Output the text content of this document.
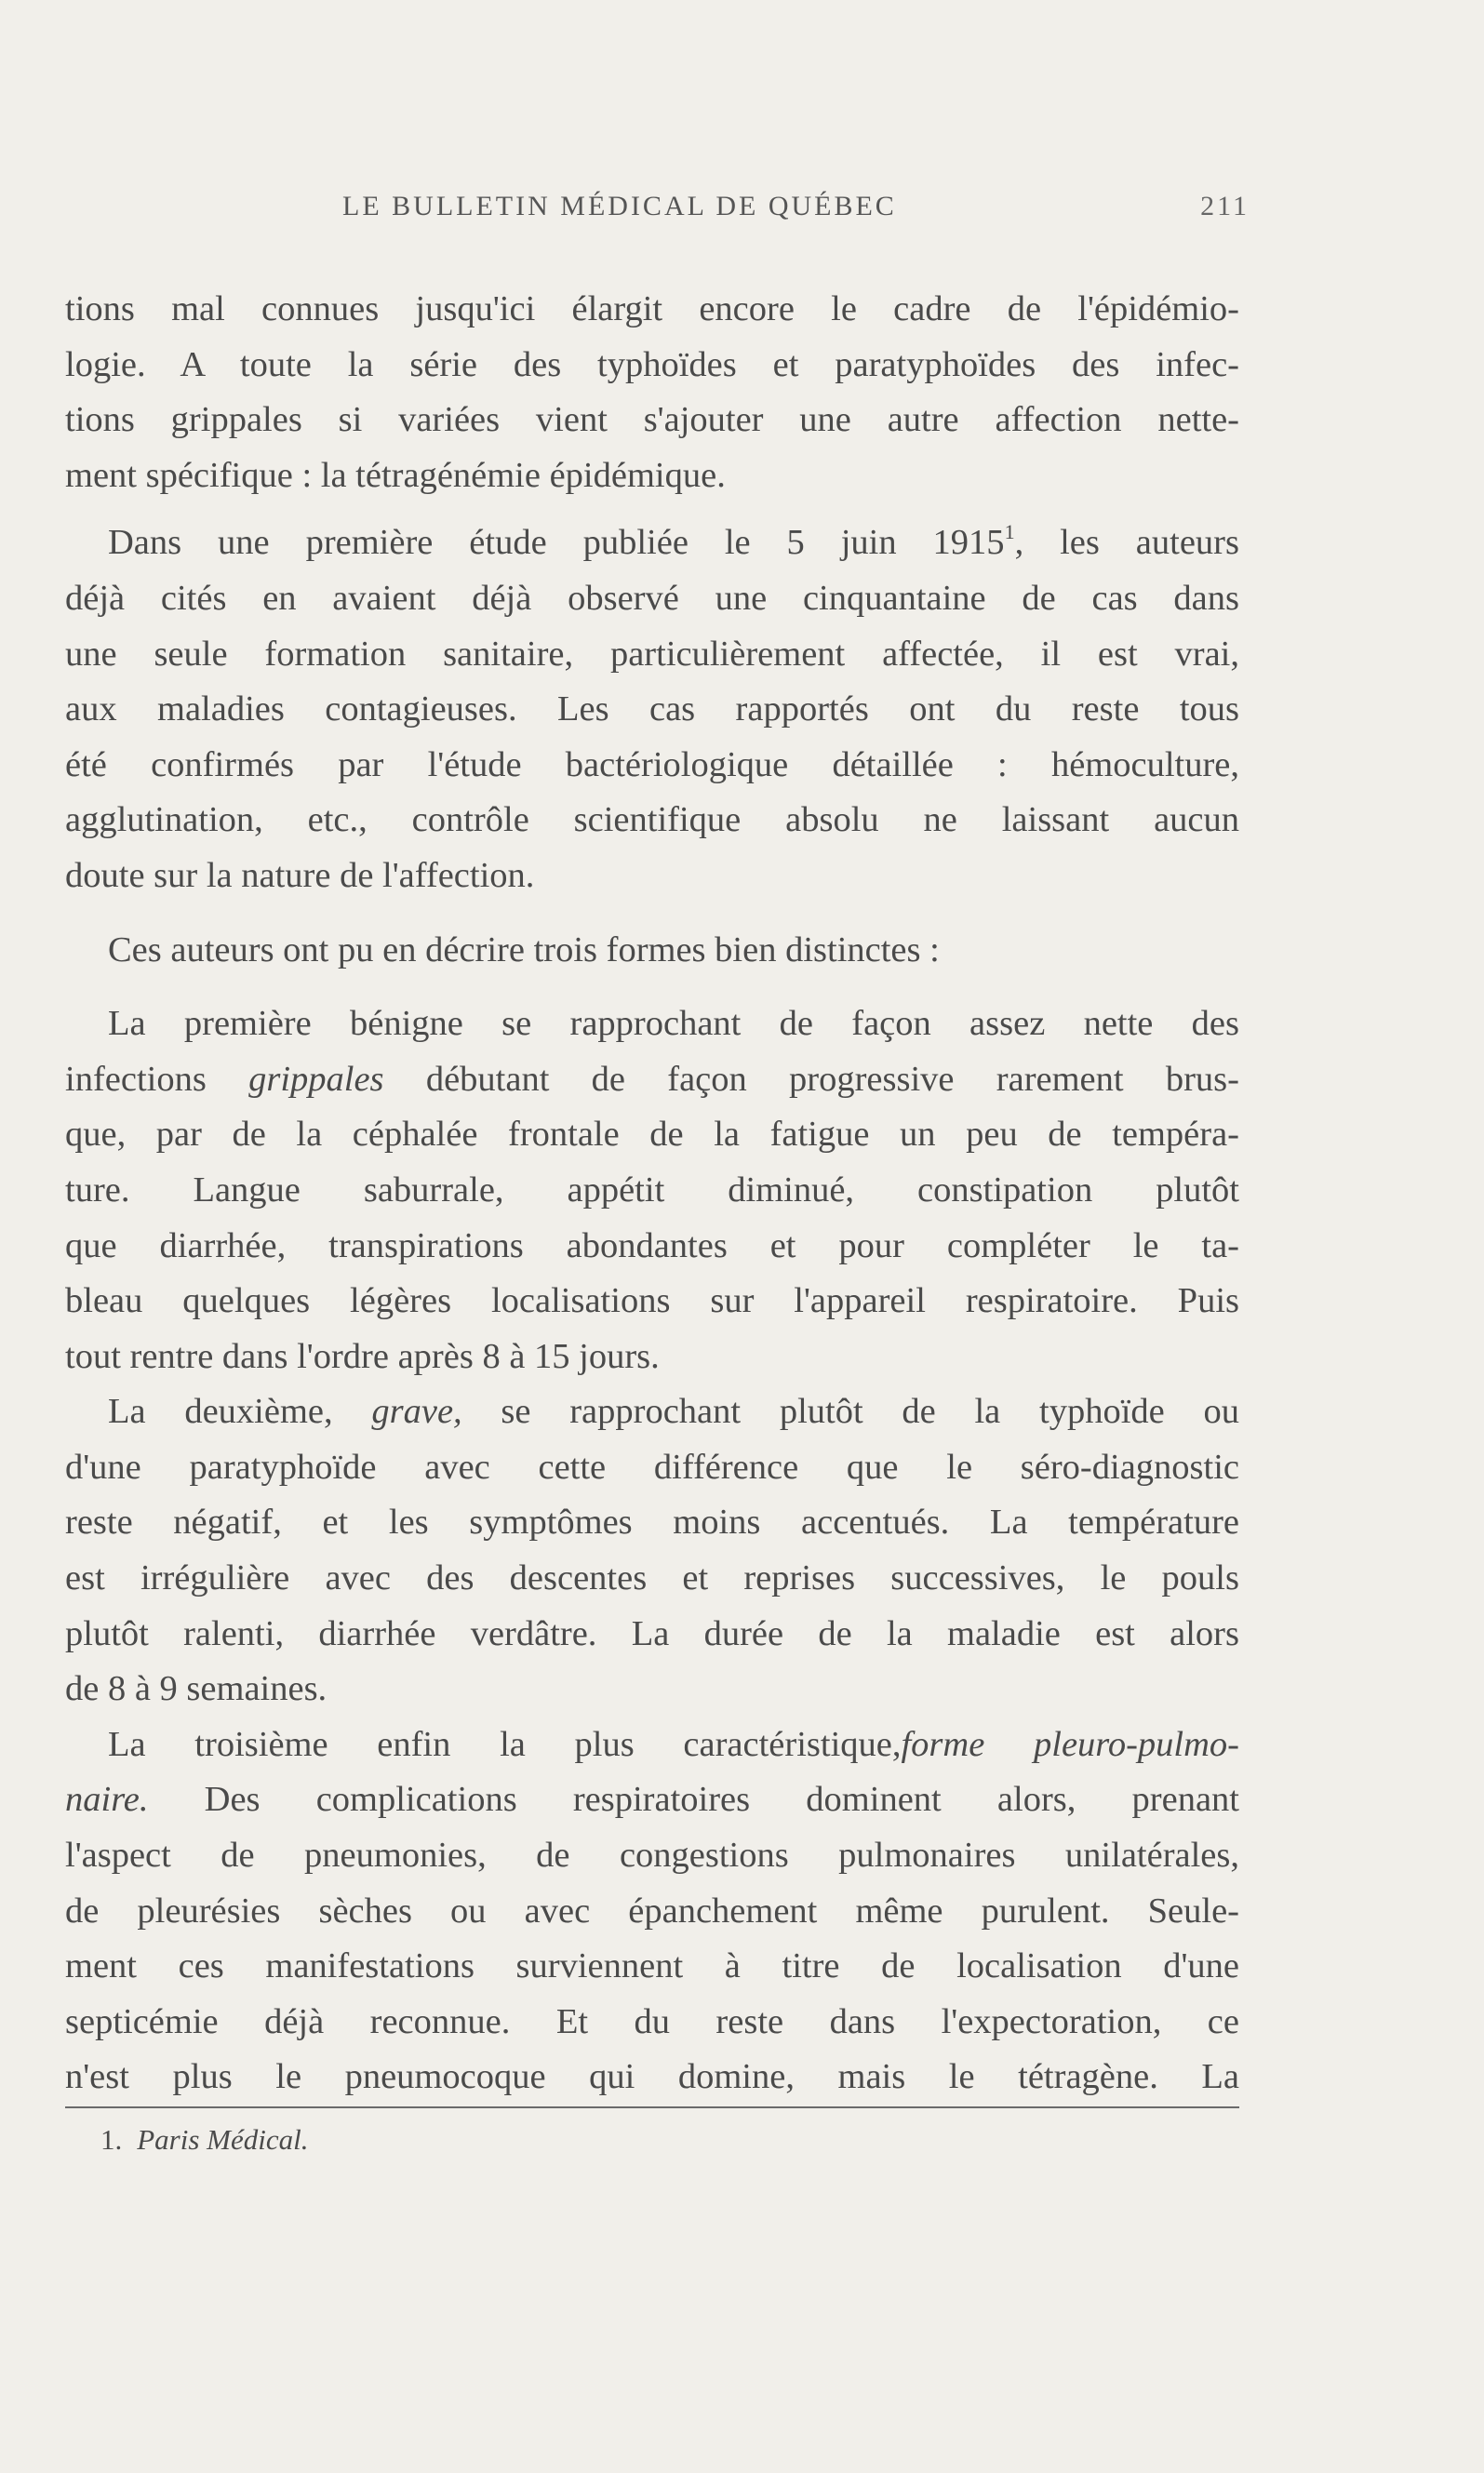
LE BULLETIN MÉDICAL DE QUÉBEC	211
tions mal connues jusqu'ici élargit encore le cadre de l'épidémio-
logie. A toute la série des typhoïdes et paratyphoïdes des infec-
tions grippales si variées vient s'ajouter une autre affection nette-
ment spécifique : la tétragénémie épidémique.
Dans une première étude publiée le 5 juin 1915$^1$, les auteurs
déjà cités en avaient déjà observé une cinquantaine de cas dans
une seule formation sanitaire, particulièrement affectée, il est vrai,
aux maladies contagieuses. Les cas rapportés ont du reste tous
été confirmés par l'étude bactériologique détaillée : hémoculture,
agglutination, etc., contrôle scientifique absolu ne laissant aucun
doute sur la nature de l'affection.
Ces auteurs ont pu en décrire trois formes bien distinctes :
La première bénigne se rapprochant de façon assez nette des
infections grippales débutant de façon progressive rarement brus-
que, par de la céphalée frontale de la fatigue un peu de tempéra-
ture. Langue saburrale, appétit diminué, constipation plutôt
que diarrhée, transpirations abondantes et pour compléter le ta-
bleau quelques légères localisations sur l'appareil respiratoire. Puis
tout rentre dans l'ordre après 8 à 15 jours.
La deuxième, grave, se rapprochant plutôt de la typhoïde ou
d'une paratyphoïde avec cette différence que le séro-diagnostic
reste négatif, et les symptômes moins accentués. La température
est irrégulière avec des descentes et reprises successives, le pouls
plutôt ralenti, diarrhée verdâtre. La durée de la maladie est alors
de 8 à 9 semaines.
La troisième enfin la plus caractéristique,forme pleuro-pulmo-
naire. Des complications respiratoires dominent alors, prenant
l'aspect de pneumonies, de congestions pulmonaires unilatérales,
de pleurésies sèches ou avec épanchement même purulent. Seule-
ment ces manifestations surviennent à titre de localisation d'une
septicémie déjà reconnue. Et du reste dans l'expectoration, ce
n'est plus le pneumocoque qui domine, mais le tétragène. La
1. Paris Médical.
